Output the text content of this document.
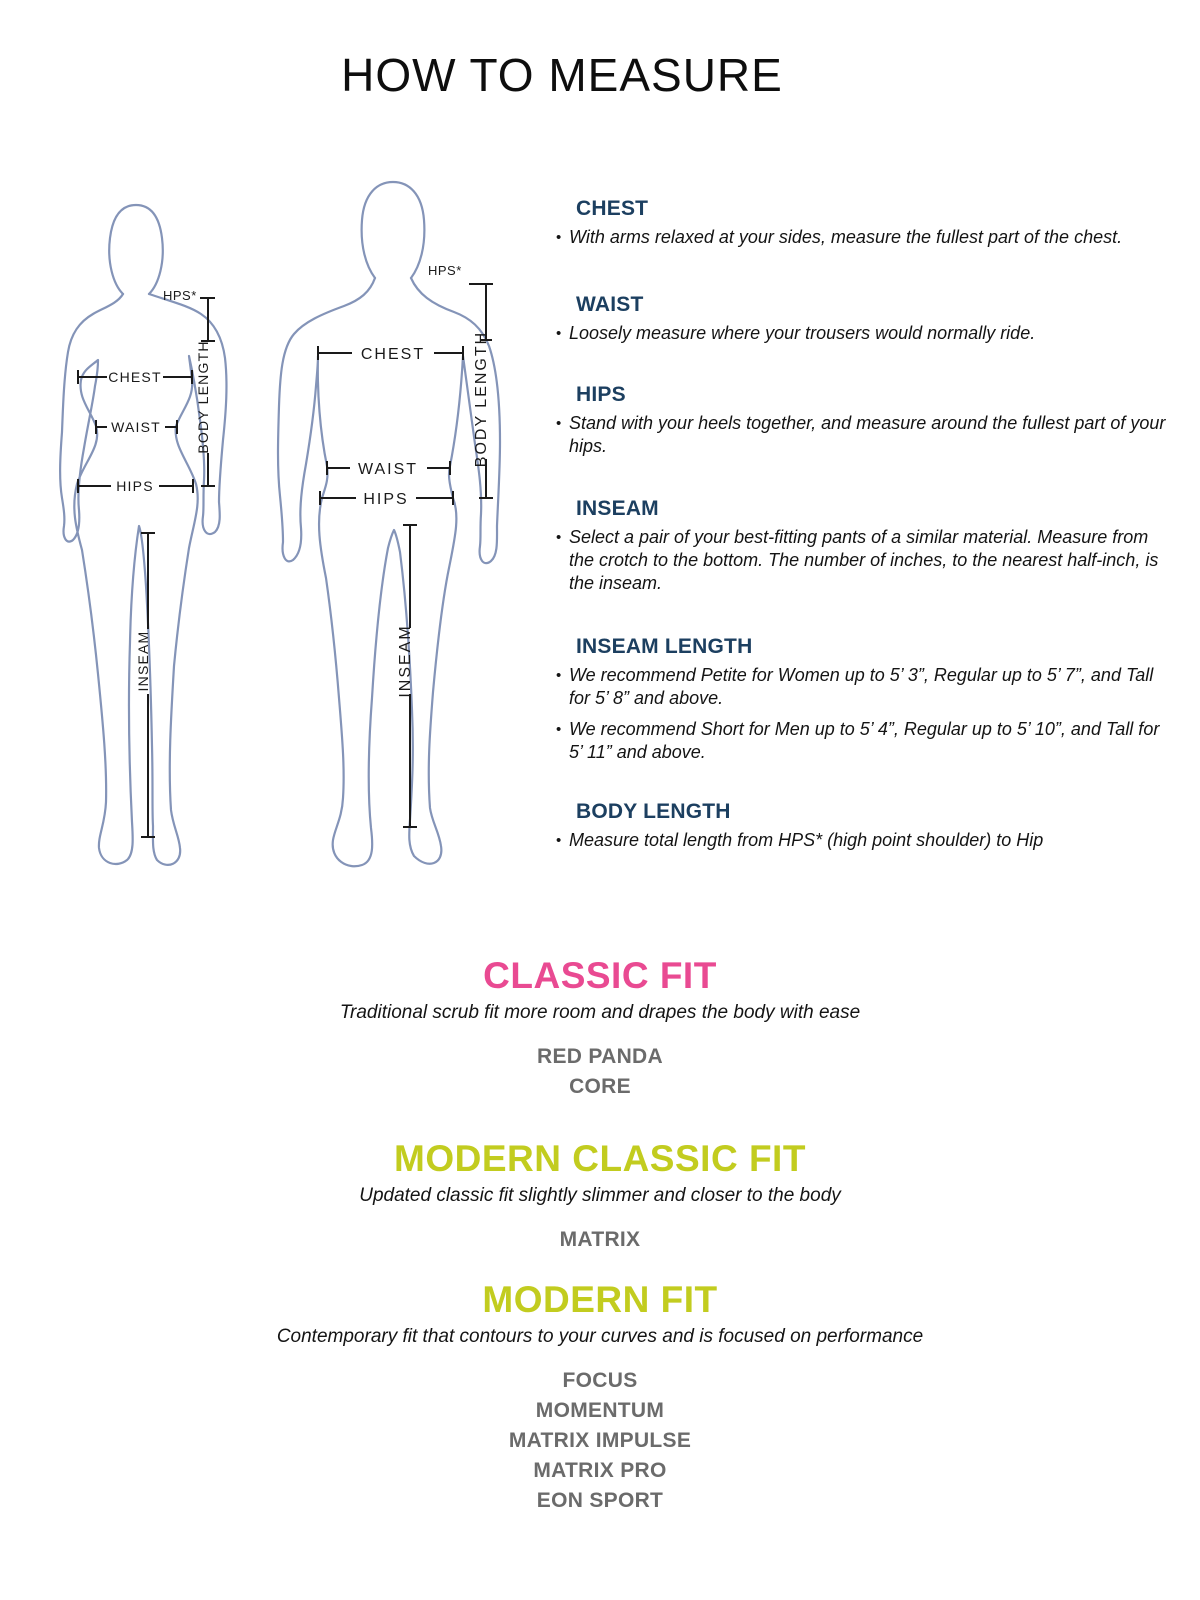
HOW TO MEASURE
HPS*
BODY LENGTH
CHEST
WAIST
HIPS
INSEAM
HPS*
BODY LENGTH
CHEST
WAIST
HIPS
INSEAM
CHEST
• With arms relaxed at your sides, measure the fullest part of the chest.
WAIST
• Loosely measure where your trousers would normally ride.
HIPS
• Stand with your heels together, and measure around the fullest part of your hips.
INSEAM
• Select a pair of your best-fitting pants of a similar material. Measure from the crotch to the bottom. The number of inches, to the nearest half-inch, is the inseam.
INSEAM LENGTH
• We recommend Petite for Women up to 5’ 3”, Regular up to 5’ 7”, and Tall for 5’ 8” and above.
• We recommend Short for Men up to 5’ 4”, Regular up to 5’ 10”, and Tall for 5’ 11” and above.
BODY LENGTH
• Measure total length from HPS* (high point shoulder) to Hip
CLASSIC FIT
Traditional scrub fit more room and drapes the body with ease
RED PANDA
CORE
MODERN CLASSIC FIT
Updated classic fit slightly slimmer and closer to the body
MATRIX
MODERN FIT
Contemporary fit that contours to your curves and is focused on performance
FOCUS
MOMENTUM
MATRIX IMPULSE
MATRIX PRO
EON SPORT
